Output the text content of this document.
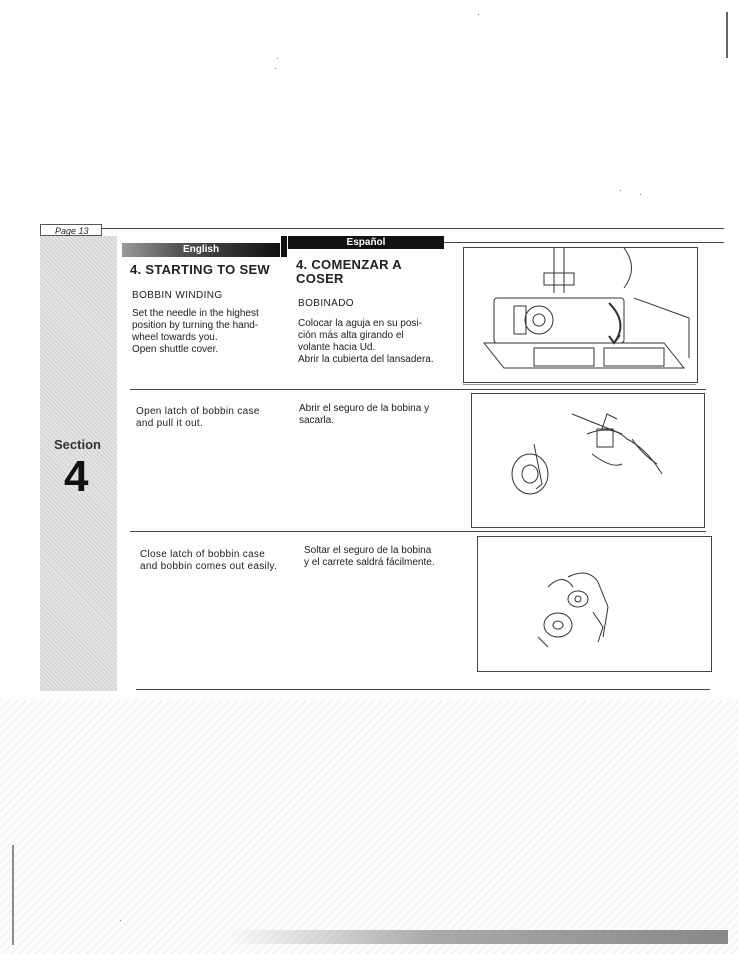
Page 13
Section
4
English
Español
4. STARTING TO SEW
BOBBIN WINDING
Set the needle in the highest
position by turning the hand-
wheel towards you.
Open shuttle cover.
4. COMENZAR A
COSER
BOBINADO
Colocar la aguja en su posi-
ción más alta girando el
volante hacia Ud.
Abrir la cubierta del lansadera.
Open latch of bobbin case
and pull it out.
Abrir el seguro de la bobina y
sacarla.
Close latch of bobbin case
and bobbin comes out easily.
Soltar el seguro de la bobina
y el carrete saldrá fácilmente.
